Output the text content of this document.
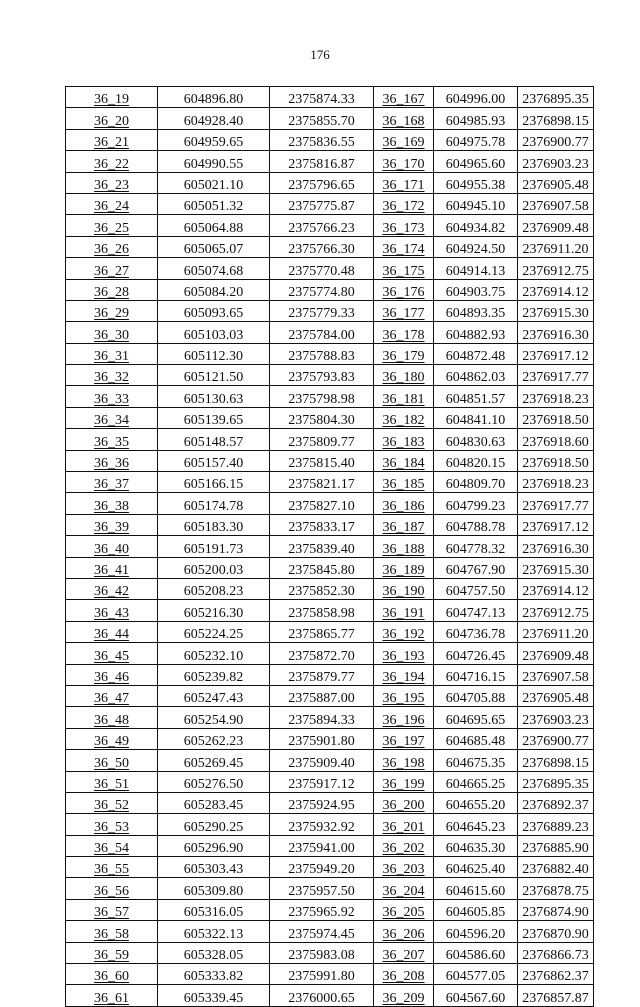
176
36_19	604896.80	2375874.33	36_167	604996.00	2376895.35
36_20	604928.40	2375855.70	36_168	604985.93	2376898.15
36_21	604959.65	2375836.55	36_169	604975.78	2376900.77
36_22	604990.55	2375816.87	36_170	604965.60	2376903.23
36_23	605021.10	2375796.65	36_171	604955.38	2376905.48
36_24	605051.32	2375775.87	36_172	604945.10	2376907.58
36_25	605064.88	2375766.23	36_173	604934.82	2376909.48
36_26	605065.07	2375766.30	36_174	604924.50	2376911.20
36_27	605074.68	2375770.48	36_175	604914.13	2376912.75
36_28	605084.20	2375774.80	36_176	604903.75	2376914.12
36_29	605093.65	2375779.33	36_177	604893.35	2376915.30
36_30	605103.03	2375784.00	36_178	604882.93	2376916.30
36_31	605112.30	2375788.83	36_179	604872.48	2376917.12
36_32	605121.50	2375793.83	36_180	604862.03	2376917.77
36_33	605130.63	2375798.98	36_181	604851.57	2376918.23
36_34	605139.65	2375804.30	36_182	604841.10	2376918.50
36_35	605148.57	2375809.77	36_183	604830.63	2376918.60
36_36	605157.40	2375815.40	36_184	604820.15	2376918.50
36_37	605166.15	2375821.17	36_185	604809.70	2376918.23
36_38	605174.78	2375827.10	36_186	604799.23	2376917.77
36_39	605183.30	2375833.17	36_187	604788.78	2376917.12
36_40	605191.73	2375839.40	36_188	604778.32	2376916.30
36_41	605200.03	2375845.80	36_189	604767.90	2376915.30
36_42	605208.23	2375852.30	36_190	604757.50	2376914.12
36_43	605216.30	2375858.98	36_191	604747.13	2376912.75
36_44	605224.25	2375865.77	36_192	604736.78	2376911.20
36_45	605232.10	2375872.70	36_193	604726.45	2376909.48
36_46	605239.82	2375879.77	36_194	604716.15	2376907.58
36_47	605247.43	2375887.00	36_195	604705.88	2376905.48
36_48	605254.90	2375894.33	36_196	604695.65	2376903.23
36_49	605262.23	2375901.80	36_197	604685.48	2376900.77
36_50	605269.45	2375909.40	36_198	604675.35	2376898.15
36_51	605276.50	2375917.12	36_199	604665.25	2376895.35
36_52	605283.45	2375924.95	36_200	604655.20	2376892.37
36_53	605290.25	2375932.92	36_201	604645.23	2376889.23
36_54	605296.90	2375941.00	36_202	604635.30	2376885.90
36_55	605303.43	2375949.20	36_203	604625.40	2376882.40
36_56	605309.80	2375957.50	36_204	604615.60	2376878.75
36_57	605316.05	2375965.92	36_205	604605.85	2376874.90
36_58	605322.13	2375974.45	36_206	604596.20	2376870.90
36_59	605328.05	2375983.08	36_207	604586.60	2376866.73
36_60	605333.82	2375991.80	36_208	604577.05	2376862.37
36_61	605339.45	2376000.65	36_209	604567.60	2376857.87
